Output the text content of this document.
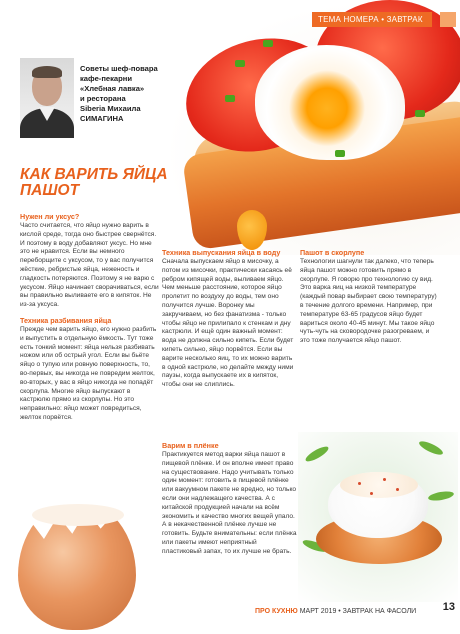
ТЕМА НОМЕРА • ЗАВТРАК
Советы шеф-повара
кафе-пекарни
«Хлебная лавка»
и ресторана
Siberia Михаила
СИМАГИНА
КАК ВАРИТЬ ЯЙЦА
ПАШОТ
Нужен ли уксус?
Часто считается, что яйцо нужно варить в кислой среде, тогда оно быстрее свернётся. И поэтому в воду добавляют уксус. Но мне это не нравится. Если вы немного переборщите с уксусом, то у вас получится жёсткие, ребристые яйца, неженость и гладкость потеряются. Поэтому я не варю с уксусом. Яйцо начинает сворачиваться, если вы правильно выливаете его в кипяток. Не из-за уксуса.
Техника разбивания яйца
Прежде чем варить яйцо, его нужно разбить и выпустить в отдельную ёмкость. Тут тоже есть тонкий момент: яйца нельзя разбивать ножом или об острый угол. Если вы бьёте яйцо о тупую или ровную поверхность, то, во-первых, вы никогда не повредим желток, во-вторых, у вас в яйцо никогда не попадёт скорлупа. Многие яйцо выпускают в кастрюлю прямо из скорлупы. Но это неправильно: яйцо может повредиться, желток порвётся.
Техника выпускания яйца в воду
Сначала выпускаем яйцо в мисочку, а потом из мисочки, практически касаясь её ребром кипящей воды, выливаем яйцо. Чем меньше расстояние, которое яйцо пролетит по воздуху до воды, тем оно получится лучше. Воронку мы закручиваем, но без фанатизма - только чтобы яйцо не прилипало к стенкам и дну кастрюли. И ещё один важный момент: вода не должна сильно кипеть. Если будет кипеть сильно, яйцо порвётся. Если вы варите несколько яиц, то их можно варить в одной кастрюле, но делайте между ними паузы, когда выпускаете их в кипяток, чтобы они не слиплись.
Варим в плёнке
Практикуется метод варки яйца пашот в пищевой плёнке. И он вполне имеет право на существование. Надо учитывать только один момент: готовить в пищевой плёнке или вакуумном пакете не вредно, но только если они надлежащего качества. А с китайской продукцией начали на всём экономить и качество многих вещей упало. А в некачественной плёнке лучше не готовить. Будьте внимательны: если плёнка или пакеты имеют неприятный пластиковый запах, то их лучше не брать.
Пашот в скорлупе
Технологии шагнули так далеко, что теперь яйца пашот можно готовить прямо в скорлупе. Я говорю про технологию су вид. Это варка яиц на низкой температуре (каждый повар выбирает свою температуру) в течение долгого времени. Например, при температуре 63-65 градусов яйцо будет вариться около 40-45 минут. Мы такое яйцо чуть-чуть на сковородочке разогреваем, и это тоже получается яйцо пашот.
ПРО КУХНЮ МАРТ 2019 • ЗАВТРАК НА ФАСОЛИ	13
